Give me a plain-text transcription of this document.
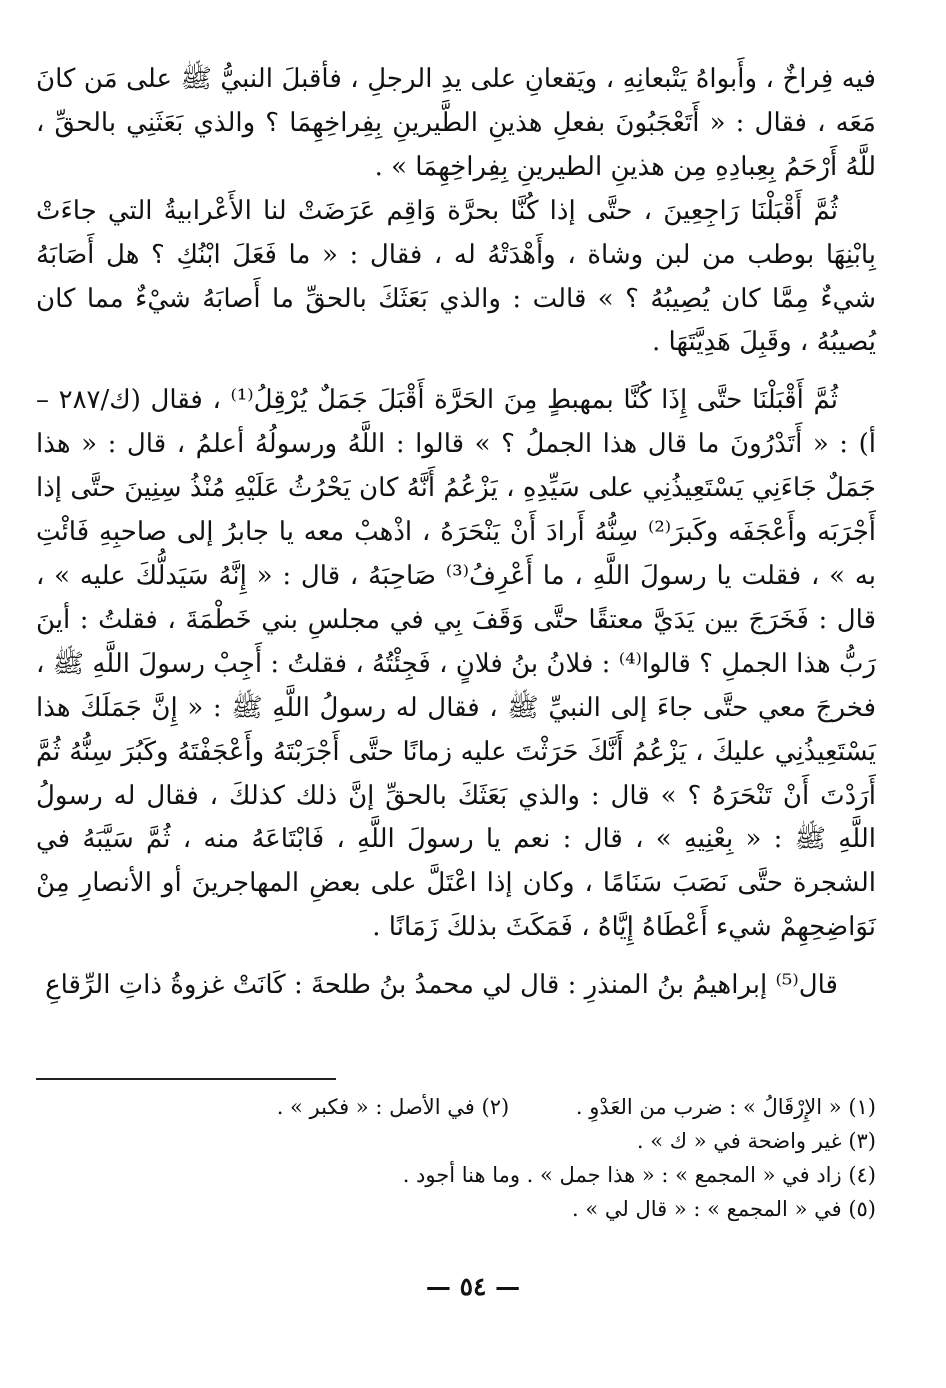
فيه فِراخٌ ، وأَبواهُ يَتْبعانِهِ ، ويَقعانِ على يدِ الرجلِ ، فأقبلَ النبيُّ ﷺ على مَن كانَ مَعَه ، فقال : « أَتَعْجَبُونَ بفعلِ هذينِ الطَّيرينِ بِفِراخِهِمَا ؟ والذي بَعَثَنِي بالحقِّ ، للَّهُ أَرْحَمُ بِعِبادِهِ مِن هذينِ الطيرينِ بِفِراخِهِمَا » .

ثُمَّ أَقْبَلْنَا رَاجِعِينَ ، حتَّى إذا كُنَّا بحرَّة وَاقِم عَرَضَتْ لنا الأَعْرابيةُ التي جاءَتْ بِابْنِهَا بوطب من لبن وشاة ، وأَهْدَتْهُ له ، فقال : « ما فَعَلَ ابْنُكِ ؟ هل أَصَابَهُ شيءٌ مِمَّا كان يُصِيبُهُ ؟ » قالت : والذي بَعَثَكَ بالحقِّ ما أَصابَهُ شيْءٌ مما كان يُصيبُهُ ، وقَبِلَ هَدِيَّتَهَا .

ثُمَّ أَقْبَلْنَا حتَّى إِذَا كُنَّا بمهبطٍ مِنَ الحَرَّة أَقْبَلَ جَمَلٌ يُرْقِلُ⁽¹⁾ ، فقال (ك/٢٨٧ – أ) : « أَتَدْرُونَ ما قال هذا الجملُ ؟ » قالوا : اللَّهُ ورسولُهُ أعلمُ ، قال : « هذا جَمَلٌ جَاءَنِي يَسْتَعِيذُنِي على سَيِّدِهِ ، يَزْعُمُ أَنَّهُ كان يَحْرُثُ عَلَيْهِ مُنْذُ سِنِينَ حتَّى إذا أَجْرَبَه وأَعْجَفَه وكَبرَ⁽²⁾ سِنُّهُ أَرادَ أَنْ يَنْحَرَهُ ، اذْهبْ معه يا جابرُ إلى صاحبِهِ فَائْتِ به » ، فقلت يا رسولَ اللَّهِ ، ما أَعْرِفُ⁽³⁾ صَاحِبَهُ ، قال : « إِنَّهُ سَيَدلُّكَ عليه » ، قال : فَخَرَجَ بين يَدَيَّ معتقًا حتَّى وَقَفَ بِي في مجلسِ بني خَطْمَةَ ، فقلتُ : أينَ رَبُّ هذا الجملِ ؟ قالوا⁽⁴⁾ : فلانُ بنُ فلانٍ ، فَجِئْتُهُ ، فقلتُ : أَجِبْ رسولَ اللَّهِ ﷺ ، فخرجَ معي حتَّى جاءَ إلى النبيِّ ﷺ ، فقال له رسولُ اللَّهِ ﷺ : « إِنَّ جَمَلَكَ هذا يَسْتَعِيذُنِي عليكَ ، يَزْعُمُ أَنَّكَ حَرَثْتَ عليه زمانًا حتَّى أَجْرَبْتَهُ وأَعْجَفْتَهُ وكَبُرَ سِنُّهُ ثُمَّ أَرَدْتَ أَنْ تَنْحَرَهُ ؟ » قال : والذي بَعَثَكَ بالحقِّ إنَّ ذلك كذلكَ ، فقال له رسولُ اللَّهِ ﷺ : « بِعْنِيهِ » ، قال : نعم يا رسولَ اللَّهِ ، فَابْتَاعَهُ منه ، ثُمَّ سَيَّبَهُ في الشجرة حتَّى نَصَبَ سَنَامًا ، وكان إذا اعْتَلَّ على بعضِ المهاجرينَ أو الأنصارِ مِنْ نَوَاضِحِهِمْ شيء أَعْطَاهُ إِيَّاهُ ، فَمَكَثَ بذلكَ زَمَانًا .

قال⁽⁵⁾ إبراهيمُ بنُ المنذرِ : قال لي محمدُ بنُ طلحةَ : كَانَتْ غزوةُ ذاتِ الرِّقاعِ

(١) « الإِرْقَالُ » : ضرب من العَدْوِ . (٢) في الأصل : « فكبر » .
(٣) غير واضحة في « ك » .
(٤) زاد في « المجمع » : « هذا جمل » . وما هنا أجود .
(٥) في « المجمع » : « قال لي » .
— ٥٤ —
